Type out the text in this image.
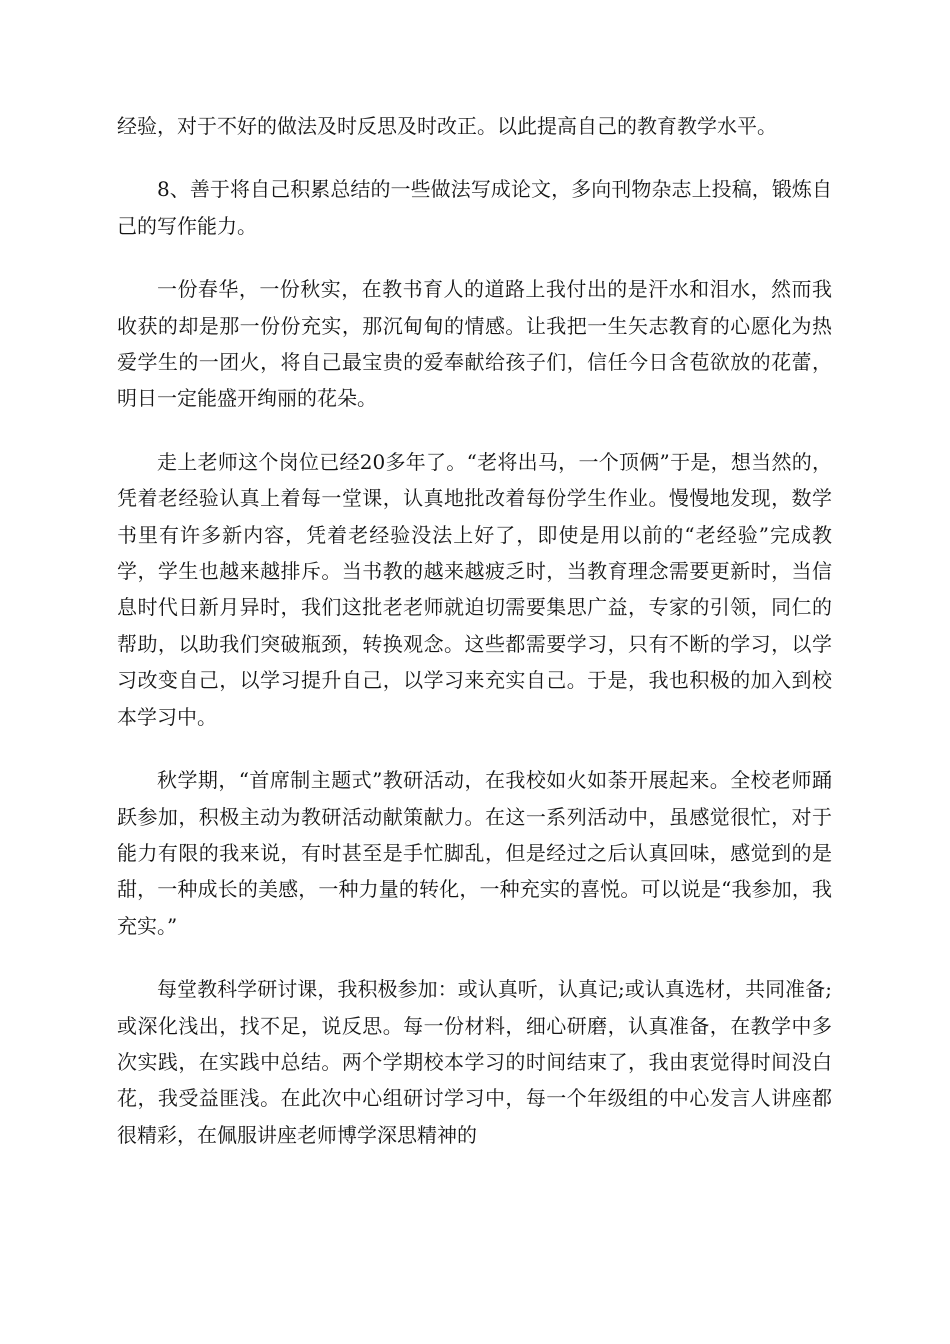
经验，对于不好的做法及时反思及时改正。以此提高自己的教育教学水平。

8、善于将自己积累总结的一些做法写成论文，多向刊物杂志上投稿，锻炼自己的写作能力。

一份春华，一份秋实，在教书育人的道路上我付出的是汗水和泪水，然而我收获的却是那一份份充实，那沉甸甸的情感。让我把一生矢志教育的心愿化为热爱学生的一团火，将自己最宝贵的爱奉献给孩子们，信任今日含苞欲放的花蕾，明日一定能盛开绚丽的花朵。

走上老师这个岗位已经20多年了。“老将出马，一个顶俩”于是，想当然的，凭着老经验认真上着每一堂课，认真地批改着每份学生作业。慢慢地发现，数学书里有许多新内容，凭着老经验没法上好了，即使是用以前的“老经验”完成教学，学生也越来越排斥。当书教的越来越疲乏时，当教育理念需要更新时，当信息时代日新月异时，我们这批老老师就迫切需要集思广益，专家的引领，同仁的帮助，以助我们突破瓶颈，转换观念。这些都需要学习，只有不断的学习，以学习改变自己，以学习提升自己，以学习来充实自己。于是，我也积极的加入到校本学习中。

秋学期，“首席制主题式”教研活动，在我校如火如荼开展起来。全校老师踊跃参加，积极主动为教研活动献策献力。在这一系列活动中，虽感觉很忙，对于能力有限的我来说，有时甚至是手忙脚乱，但是经过之后认真回味，感觉到的是甜，一种成长的美感，一种力量的转化，一种充实的喜悦。可以说是“我参加，我充实。”

每堂教科学研讨课，我积极参加：或认真听，认真记;或认真选材，共同准备;或深化浅出，找不足，说反思。每一份材料，细心研磨，认真准备，在教学中多次实践，在实践中总结。两个学期校本学习的时间结束了，我由衷觉得时间没白花，我受益匪浅。在此次中心组研讨学习中，每一个年级组的中心发言人讲座都很精彩，在佩服讲座老师博学深思精神的
